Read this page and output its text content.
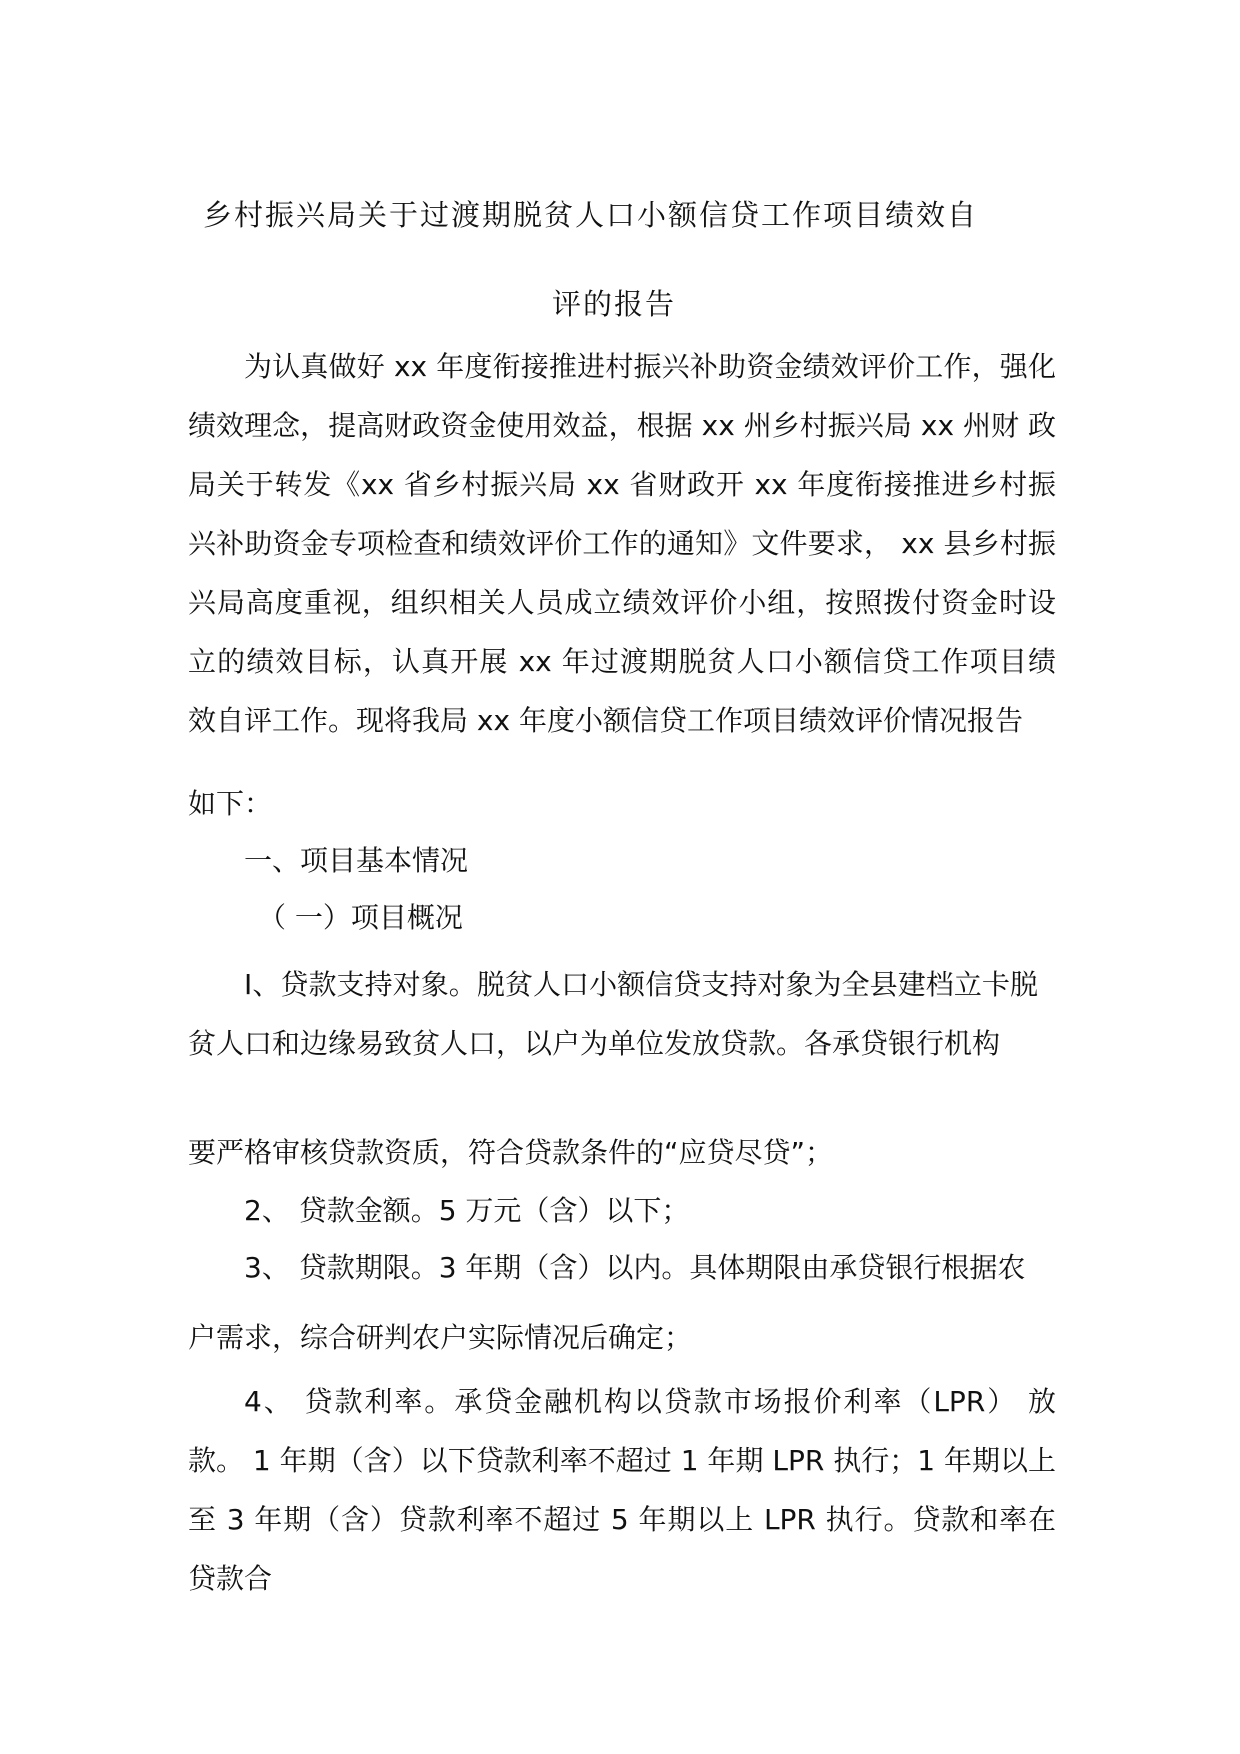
乡村振兴局关于过渡期脱贫人口小额信贷工作项目绩效自
评的报告
为认真做好 xx 年度衔接推进村振兴补助资金绩效评价工作，强化绩效理念，提高财政资金使用效益，根据 xx 州乡村振兴局 xx 州财 政局关于转发《xx 省乡村振兴局 xx 省财政开 xx 年度衔接推进乡村振 兴补助资金专项检查和绩效评价工作的通知》文件要求， xx 县乡村振 兴局高度重视，组织相关人员成立绩效评价小组，按照拨付资金时设 立的绩效目标，认真开展 xx 年过渡期脱贫人口小额信贷工作项目绩 效自评工作。现将我局 xx 年度小额信贷工作项目绩效评价情况报告
如下：
一、项目基本情况
（ 一）项目概况
I、贷款支持对象。脱贫人口小额信贷支持对象为全县建档立卡脱贫人口和边缘易致贫人口，以户为单位发放贷款。各承贷银行机构
要严格审核贷款资质，符合贷款条件的“应贷尽贷”；
2、 贷款金额。5 万元（含）以下；
3、 贷款期限。3 年期（含）以内。具体期限由承贷银行根据农
户需求，综合研判农户实际情况后确定；
4、 贷款利率。承贷金融机构以贷款市场报价利率（LPR） 放款。 1 年期（含）以下贷款利率不超过 1 年期 LPR 执行；1 年期以上至 3 年期（含）贷款利率不超过 5 年期以上 LPR 执行。贷款和率在贷款合
